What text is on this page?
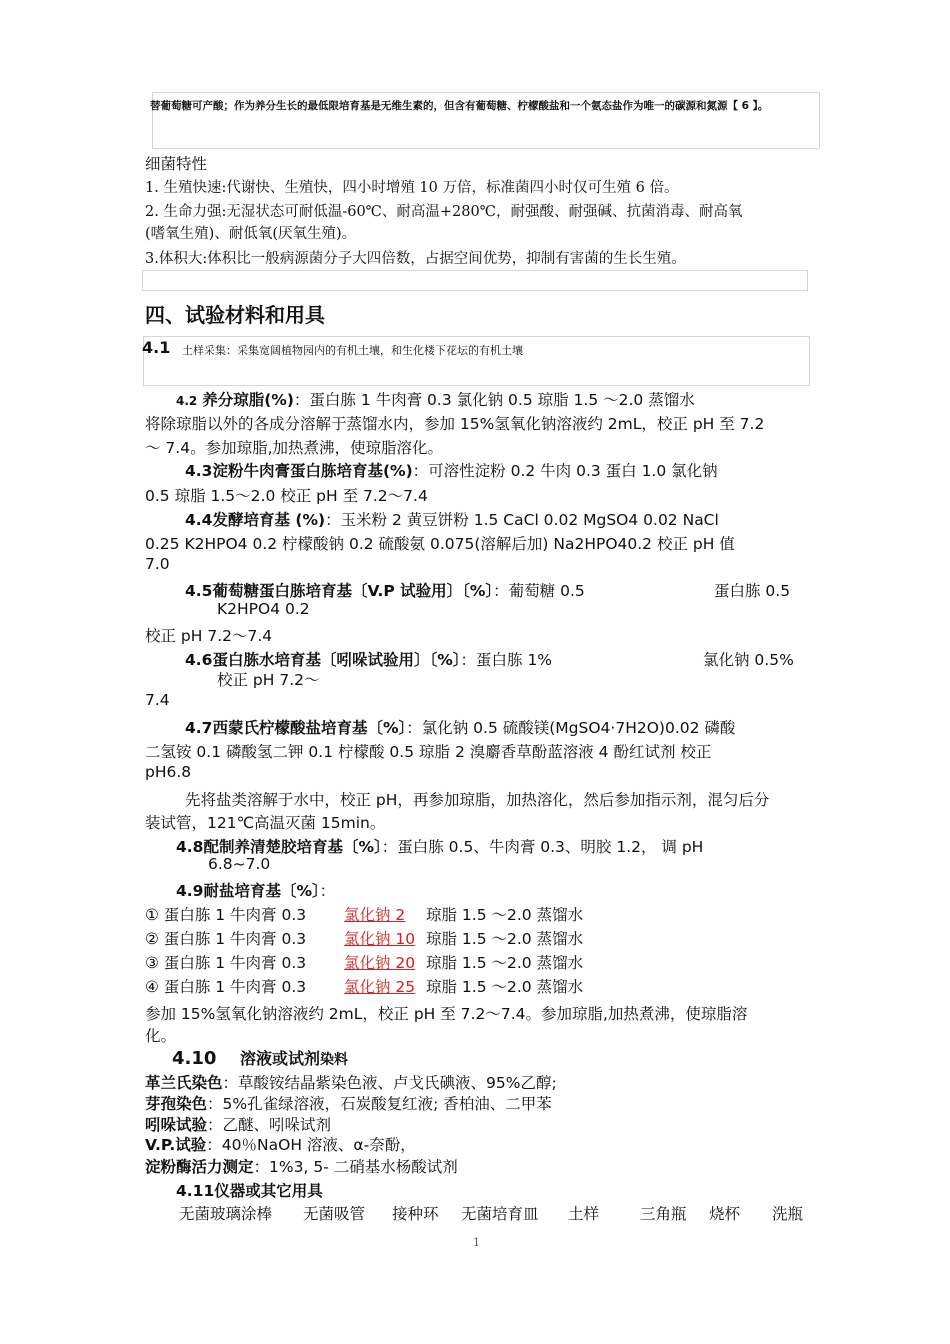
替葡萄糖可产酸；作为养分生长的最低限培育基是无维生素的，但含有葡萄糖、柠檬酸盐和一个氨态盐作为唯一的碳源和氮源【 6 】。
细菌特性
1. 生殖快速:代谢快、生殖快，四小时增殖 10 万倍，标准菌四小时仅可生殖 6 倍。
2. 生命力强:无湿状态可耐低温-60℃、耐高温+280℃，耐强酸、耐强碱、抗菌消毒、耐高氧
(嗜氧生殖)、耐低氧(厌氧生殖)。
3.体积大:体积比一般病源菌分子大四倍数，占据空间优势，抑制有害菌的生长生殖。
四、试验材料和用具
4.1 土样采集：采集宽阔植物园内的有机土壤，和生化楼下花坛的有机土壤
4.2 养分琼脂(%)：蛋白胨 1 牛肉膏 0.3 氯化钠 0.5 琼脂 1.5 ～2.0 蒸馏水
将除琼脂以外的各成分溶解于蒸馏水内，参加 15%氢氧化钠溶液约 2mL，校正 pH 至 7.2
～ 7.4。参加琼脂,加热煮沸，使琼脂溶化。
4.3淀粉牛肉膏蛋白胨培育基(%)：可溶性淀粉 0.2 牛肉 0.3 蛋白 1.0 氯化钠
0.5 琼脂 1.5～2.0 校正 pH 至 7.2～7.4
4.4发酵培育基 (%)：玉米粉 2 黄豆饼粉 1.5 CaCl 0.02 MgSO4 0.02 NaCl
0.25 K2HPO4 0.2 柠檬酸钠 0.2 硫酸氨 0.075(溶解后加) Na2HPO40.2 校正 pH 值
7.0
4.5葡萄糖蛋白胨培育基〔V.P 试验用〕〔%〕：葡萄糖 0.5	蛋白胨 0.5
K2HPO4 0.2
校正 pH 7.2～7.4
4.6蛋白胨水培育基〔吲哚试验用〕〔%〕：蛋白胨 1%	氯化钠 0.5%
校正 pH 7.2～
7.4
4.7西蒙氏柠檬酸盐培育基〔%〕：氯化钠 0.5 硫酸镁(MgSO4·7H2O)0.02 磷酸
二氢铵 0.1 磷酸氢二钾 0.1 柠檬酸 0.5 琼脂 2 溴麝香草酚蓝溶液 4 酚红试剂 校正
pH6.8
先将盐类溶解于水中，校正 pH，再参加琼脂，加热溶化，然后参加指示剂，混匀后分
装试管，121℃高温灭菌 15min。
4.8配制养清楚胶培育基〔%〕：蛋白胨 0.5、牛肉膏 0.3、明胶 1.2， 调 pH
6.8~7.0
4.9耐盐培育基〔%〕：
① 蛋白胨 1 牛肉膏 0.3 氯化钠 2 琼脂 1.5 ～2.0 蒸馏水
② 蛋白胨 1 牛肉膏 0.3 氯化钠 10 琼脂 1.5 ～2.0 蒸馏水
③ 蛋白胨 1 牛肉膏 0.3 氯化钠 20 琼脂 1.5 ～2.0 蒸馏水
④ 蛋白胨 1 牛肉膏 0.3 氯化钠 25 琼脂 1.5 ～2.0 蒸馏水
参加 15%氢氧化钠溶液约 2mL，校正 pH 至 7.2～7.4。参加琼脂,加热煮沸，使琼脂溶
化。
4.10 溶液或试剂染料
革兰氏染色：草酸铵结晶紫染色液、卢戈氏碘液、95%乙醇;
芽孢染色：5%孔雀绿溶液，石炭酸复红液; 香柏油、二甲苯
吲哚试验：乙醚、吲哚试剂
V.P.试验：40％NaOH 溶液、α-奈酚，
淀粉酶活力测定：1%3, 5- 二硝基水杨酸试剂
4.11仪器或其它用具
无菌玻璃涂棒 无菌吸管 接种环 无菌培育皿 土样	三角瓶 烧杯 洗瓶
1
